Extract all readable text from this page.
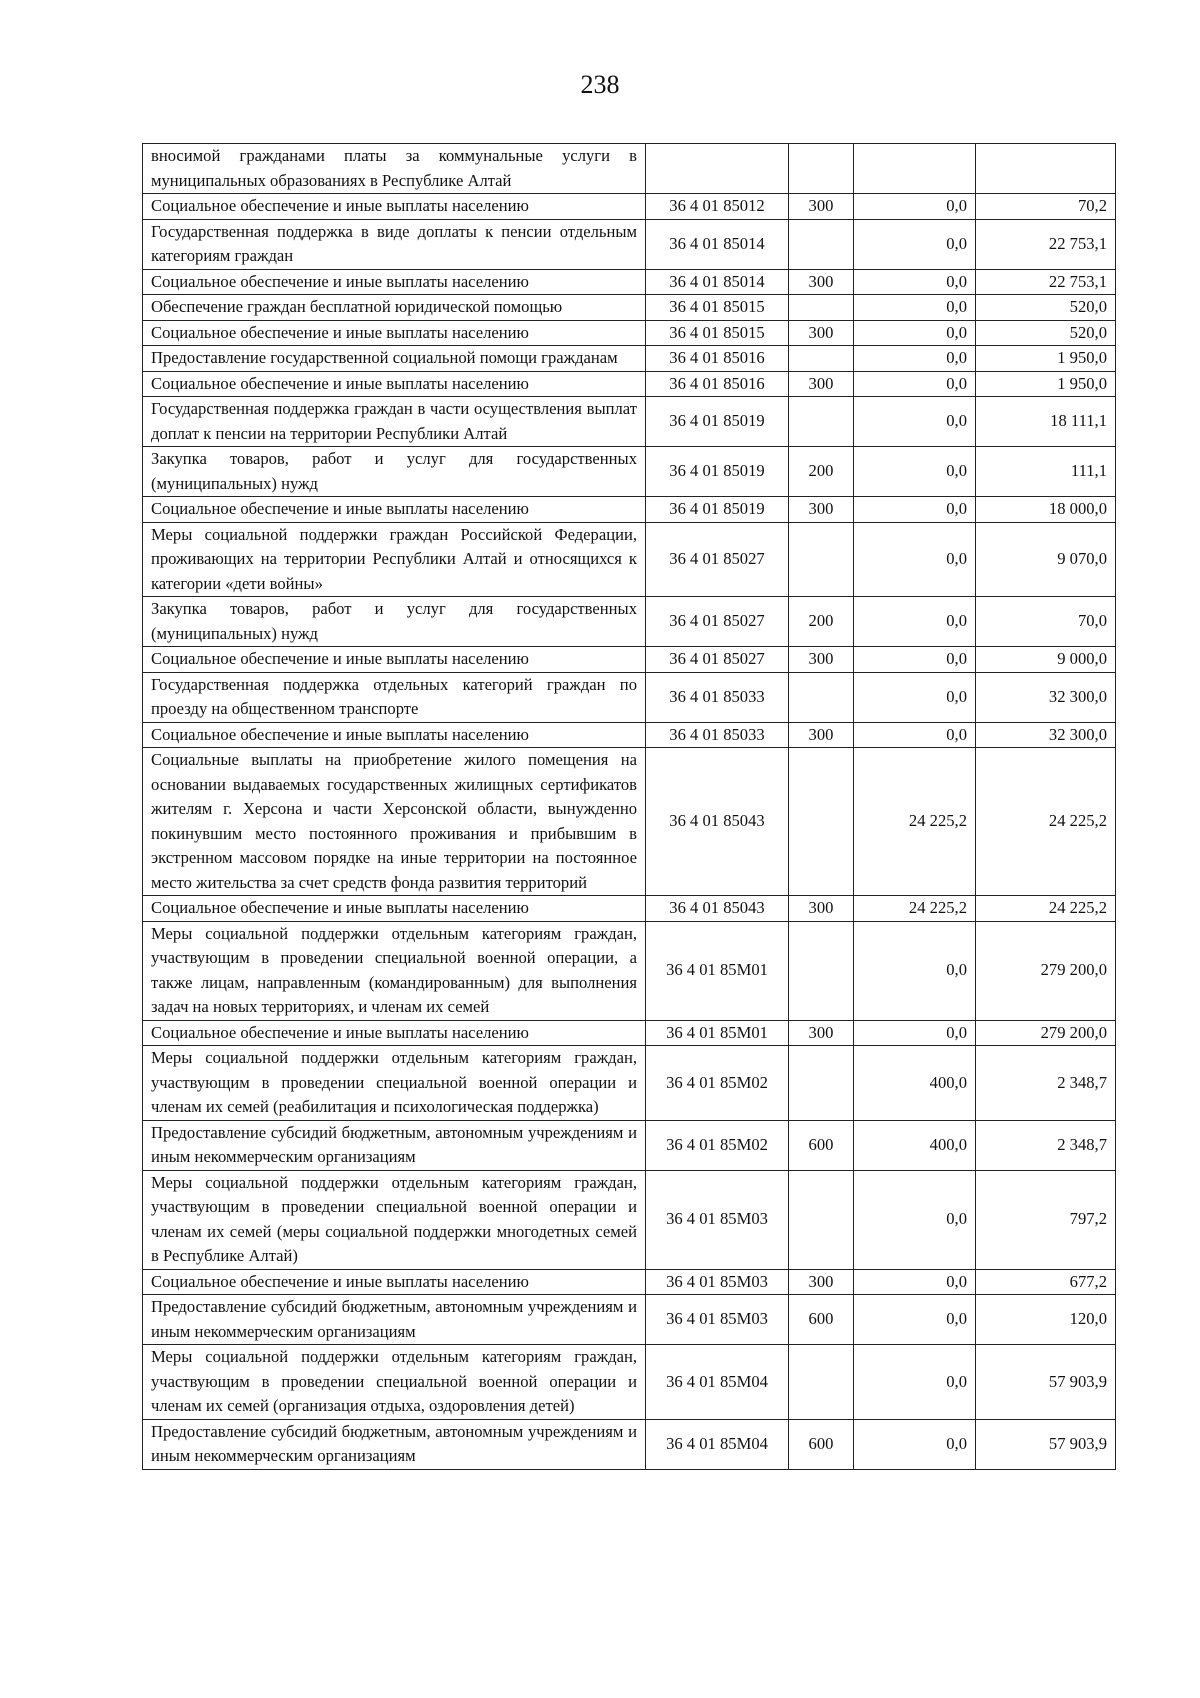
238
вносимой гражданами платы за коммунальные услуги в муниципальных образованиях в Республике Алтай				
Социальное обеспечение и иные выплаты населению	36 4 01 85012	300	0,0	70,2
Государственная поддержка в виде доплаты к пенсии отдельным категориям граждан	36 4 01 85014		0,0	22 753,1
Социальное обеспечение и иные выплаты населению	36 4 01 85014	300	0,0	22 753,1
Обеспечение граждан бесплатной юридической помощью	36 4 01 85015		0,0	520,0
Социальное обеспечение и иные выплаты населению	36 4 01 85015	300	0,0	520,0
Предоставление государственной социальной помощи гражданам	36 4 01 85016		0,0	1 950,0
Социальное обеспечение и иные выплаты населению	36 4 01 85016	300	0,0	1 950,0
Государственная поддержка граждан в части осуществления выплат доплат к пенсии на территории Республики Алтай	36 4 01 85019		0,0	18 111,1
Закупка товаров, работ и услуг для государственных (муниципальных) нужд	36 4 01 85019	200	0,0	111,1
Социальное обеспечение и иные выплаты населению	36 4 01 85019	300	0,0	18 000,0
Меры социальной поддержки граждан Российской Федерации, проживающих на территории Республики Алтай и относящихся к категории «дети войны»	36 4 01 85027		0,0	9 070,0
Закупка товаров, работ и услуг для государственных (муниципальных) нужд	36 4 01 85027	200	0,0	70,0
Социальное обеспечение и иные выплаты населению	36 4 01 85027	300	0,0	9 000,0
Государственная поддержка отдельных категорий граждан по проезду на общественном транспорте	36 4 01 85033		0,0	32 300,0
Социальное обеспечение и иные выплаты населению	36 4 01 85033	300	0,0	32 300,0
Социальные выплаты на приобретение жилого помещения на основании выдаваемых государственных жилищных сертификатов жителям г. Херсона и части Херсонской области, вынужденно покинувшим место постоянного проживания и прибывшим в экстренном массовом порядке на иные территории на постоянное место жительства за счет средств фонда развития территорий	36 4 01 85043		24 225,2	24 225,2
Социальное обеспечение и иные выплаты населению	36 4 01 85043	300	24 225,2	24 225,2
Меры социальной поддержки отдельным категориям граждан, участвующим в проведении специальной военной операции, а также лицам, направленным (командированным) для выполнения задач на новых территориях, и членам их семей	36 4 01 85М01		0,0	279 200,0
Социальное обеспечение и иные выплаты населению	36 4 01 85М01	300	0,0	279 200,0
Меры социальной поддержки отдельным категориям граждан, участвующим в проведении специальной военной операции и членам их семей (реабилитация и психологическая поддержка)	36 4 01 85М02		400,0	2 348,7
Предоставление субсидий бюджетным, автономным учреждениям и иным некоммерческим организациям	36 4 01 85М02	600	400,0	2 348,7
Меры социальной поддержки отдельным категориям граждан, участвующим в проведении специальной военной операции и членам их семей (меры социальной поддержки многодетных семей в Республике Алтай)	36 4 01 85М03		0,0	797,2
Социальное обеспечение и иные выплаты населению	36 4 01 85М03	300	0,0	677,2
Предоставление субсидий бюджетным, автономным учреждениям и иным некоммерческим организациям	36 4 01 85М03	600	0,0	120,0
Меры социальной поддержки отдельным категориям граждан, участвующим в проведении специальной военной операции и членам их семей (организация отдыха, оздоровления детей)	36 4 01 85М04		0,0	57 903,9
Предоставление субсидий бюджетным, автономным учреждениям и иным некоммерческим организациям	36 4 01 85М04	600	0,0	57 903,9
